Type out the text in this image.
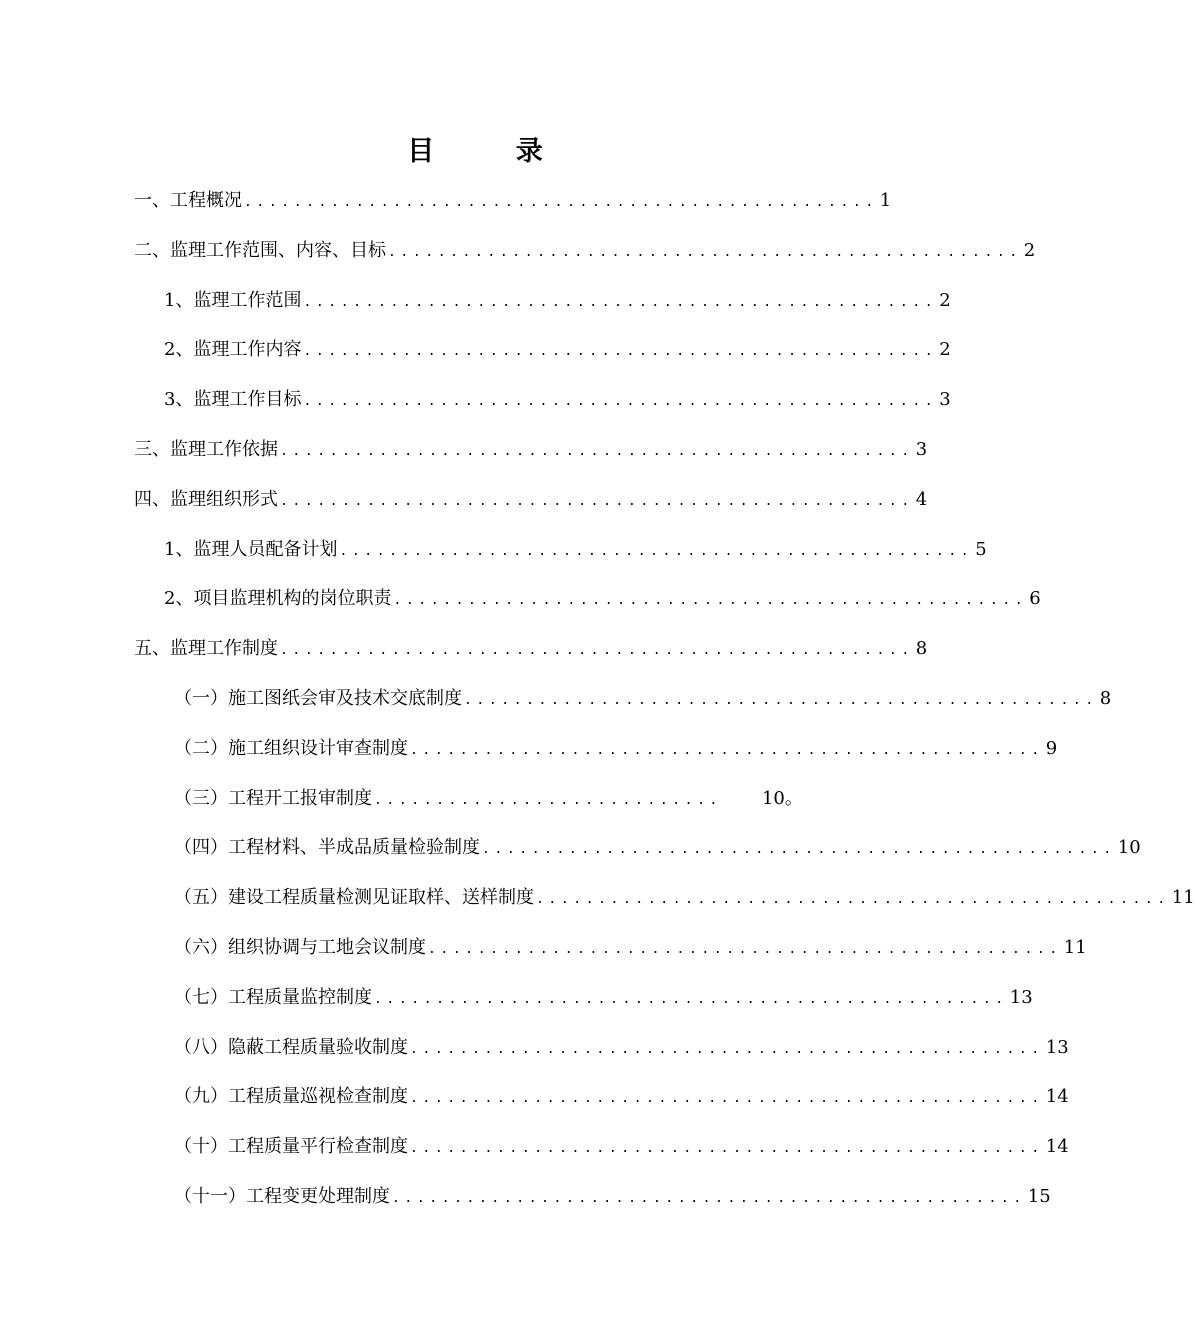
目 录
一、工程概况 ................................................... 1
二、监理工作范围、内容、目标 ................................................... 2
1、监理工作范围 ................................................... 2
2、监理工作内容 ................................................... 2
3、监理工作目标 ................................................... 3
三、监理工作依据 ................................................... 3
四、监理组织形式 ................................................... 4
1、监理人员配备计划 ................................................... 5
2、项目监理机构的岗位职责 ................................................... 6
五、监理工作制度 ................................................... 8
（一）施工图纸会审及技术交底制度 ................................................... 8
（二）施工组织设计审查制度 ................................................... 9
（三）工程开工报审制度 ............................	10。
（四）工程材料、半成品质量检验制度 ................................................... 10
（五）建设工程质量检测见证取样、送样制度 ................................................... 11
（六）组织协调与工地会议制度 ................................................... 11
（七）工程质量监控制度 ................................................... 13
（八）隐蔽工程质量验收制度 ................................................... 13
（九）工程质量巡视检查制度 ................................................... 14
（十）工程质量平行检查制度 ................................................... 14
（十一）工程变更处理制度 ................................................... 15
